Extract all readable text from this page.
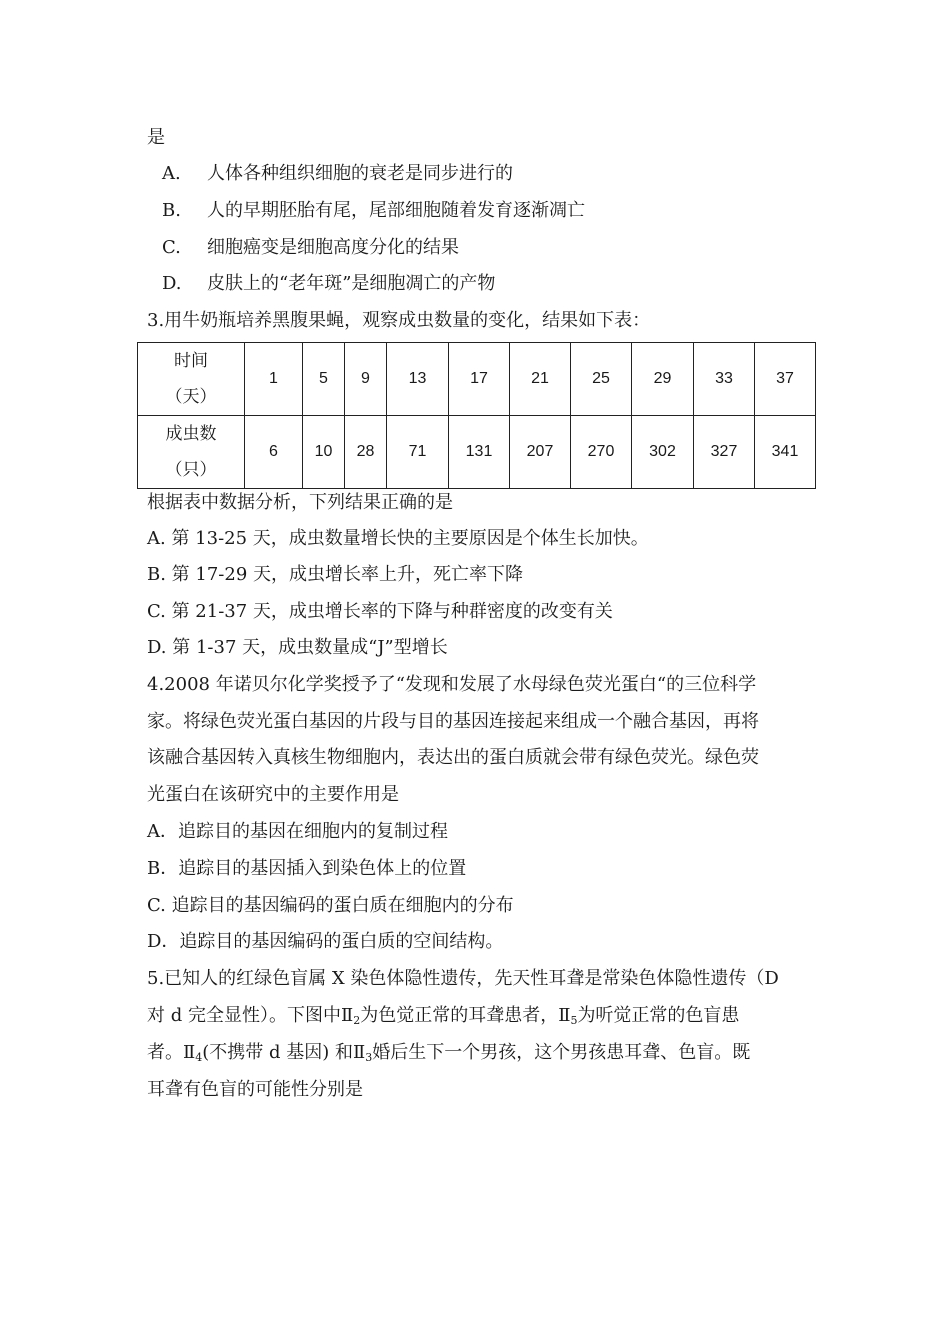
是
A. 人体各种组织细胞的衰老是同步进行的
B. 人的早期胚胎有尾，尾部细胞随着发育逐渐凋亡
C. 细胞癌变是细胞高度分化的结果
D. 皮肤上的“老年斑”是细胞凋亡的产物
3.用牛奶瓶培养黑腹果蝇，观察成虫数量的变化，结果如下表：
时间
（天）	1	5	9	13	17	21	25	29	33	37

成虫数
（只）	6	10	28	71	131	207	270	302	327	341
根据表中数据分析，下列结果正确的是
A. 第 13-25 天，成虫数量增长快的主要原因是个体生长加快。
B. 第 17-29 天，成虫增长率上升，死亡率下降
C. 第 21-37 天，成虫增长率的下降与种群密度的改变有关
D. 第 1-37 天，成虫数量成“J”型增长
4.2008 年诺贝尔化学奖授予了“发现和发展了水母绿色荧光蛋白“的三位科学
家。将绿色荧光蛋白基因的片段与目的基因连接起来组成一个融合基因，再将
该融合基因转入真核生物细胞内，表达出的蛋白质就会带有绿色荧光。绿色荧
光蛋白在该研究中的主要作用是
A．追踪目的基因在细胞内的复制过程
B．追踪目的基因插入到染色体上的位置
C. 追踪目的基因编码的蛋白质在细胞内的分布
D．追踪目的基因编码的蛋白质的空间结构。
5.已知人的红绿色盲属 X 染色体隐性遗传，先天性耳聋是常染色体隐性遗传（D
对 d 完全显性）。下图中$Ⅱ_2$为色觉正常的耳聋患者，$Ⅱ_5$为听觉正常的色盲患
者。$Ⅱ_4$(不携带 d 基因) 和$Ⅱ_3$婚后生下一个男孩，这个男孩患耳聋、色盲。既
耳聋有色盲的可能性分别是
